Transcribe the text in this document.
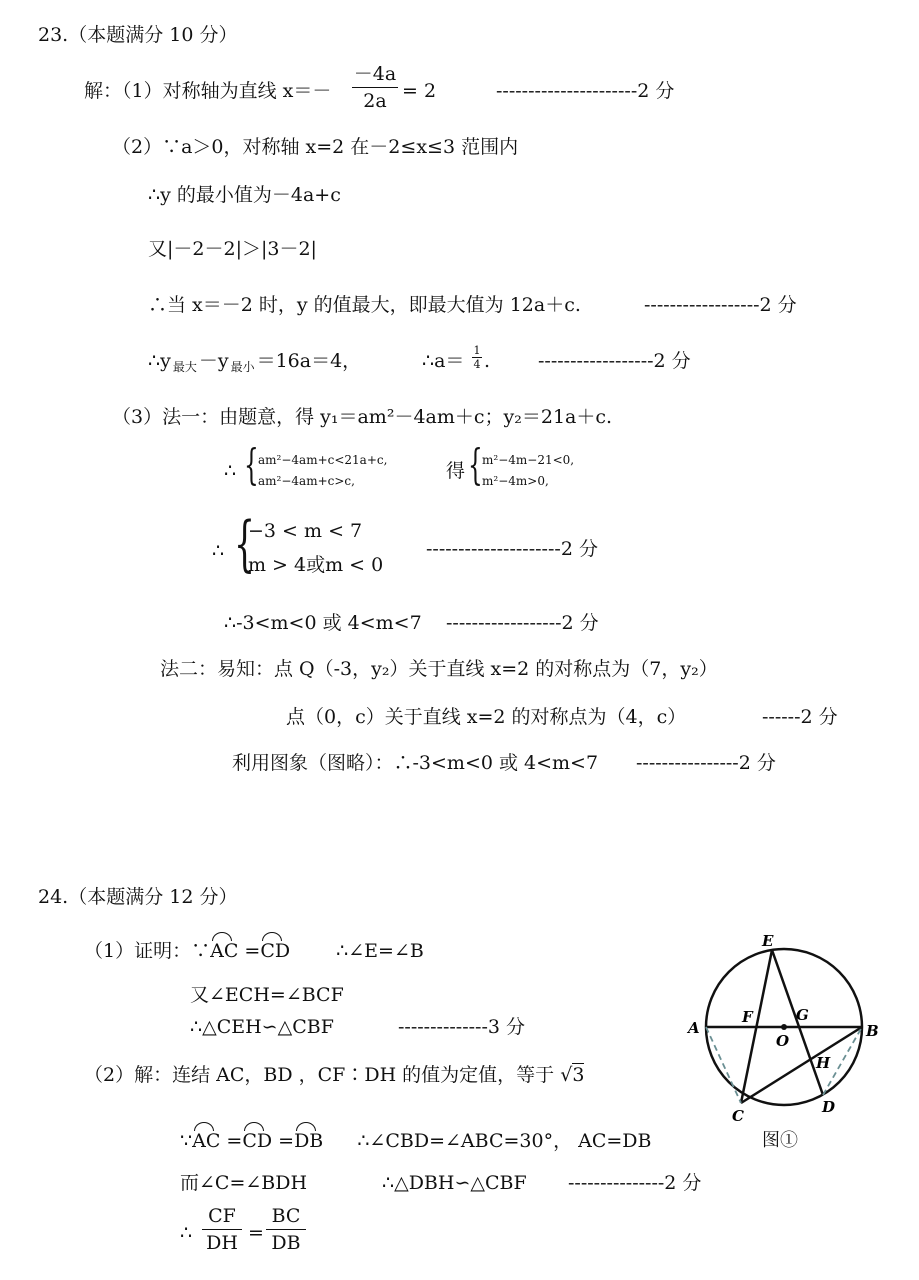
23.（本题满分 10 分）
解：（1）对称轴为直线 x＝－
－4a
2a = 2	----------------------2 分
（2）∵a＞0，对称轴 x=2 在－2≤x≤3 范围内
∴y 的最小值为－4a+c
又|－2－2|＞|3－2|
∴当 x＝－2 时，y 的值最大，即最大值为 12a＋c.	------------------2 分
∴y $_{最大}$ －y $_{最小}$ ＝16a＝4，	∴a＝ 1
4 .	------------------2 分
（3）法一：由题意，得 y₁＝am²－4am＋c；y₂＝21a＋c.
∴ { am²−4am+c<21a+c,
am²−4am+c>c,	得 { m²−4m−21<0,
m²−4m>0,
∴ {
−3 < m < 7
m > 4或m < 0
---------------------2 分
∴-3<m<0 或 4<m<7 ------------------2 分
法二：易知：点 Q（-3，y₂）关于直线 x=2 的对称点为（7，y₂）
点（0，c）关于直线 x=2 的对称点为（4，c）	------2 分
利用图象（图略）：∴-3<m<0 或 4<m<7 ----------------2 分
24.（本题满分 12 分）
（1）证明：∵
AC =
CD ∴∠E=∠B
又∠ECH=∠BCF
∴△CEH∽△CBF	--------------3 分
（2）解：连结 AC，BD ，CF∶DH 的值为定值，等于 √3
∵
AC =
CD =
DB ∴∠CBD=∠ABC=30°， AC=DB
而∠C=∠BDH	∴△DBH∽△CBF ---------------2 分
∴
CF
DH =
BC
DB
E
F	G
O
A	B
H
C	D
图①
